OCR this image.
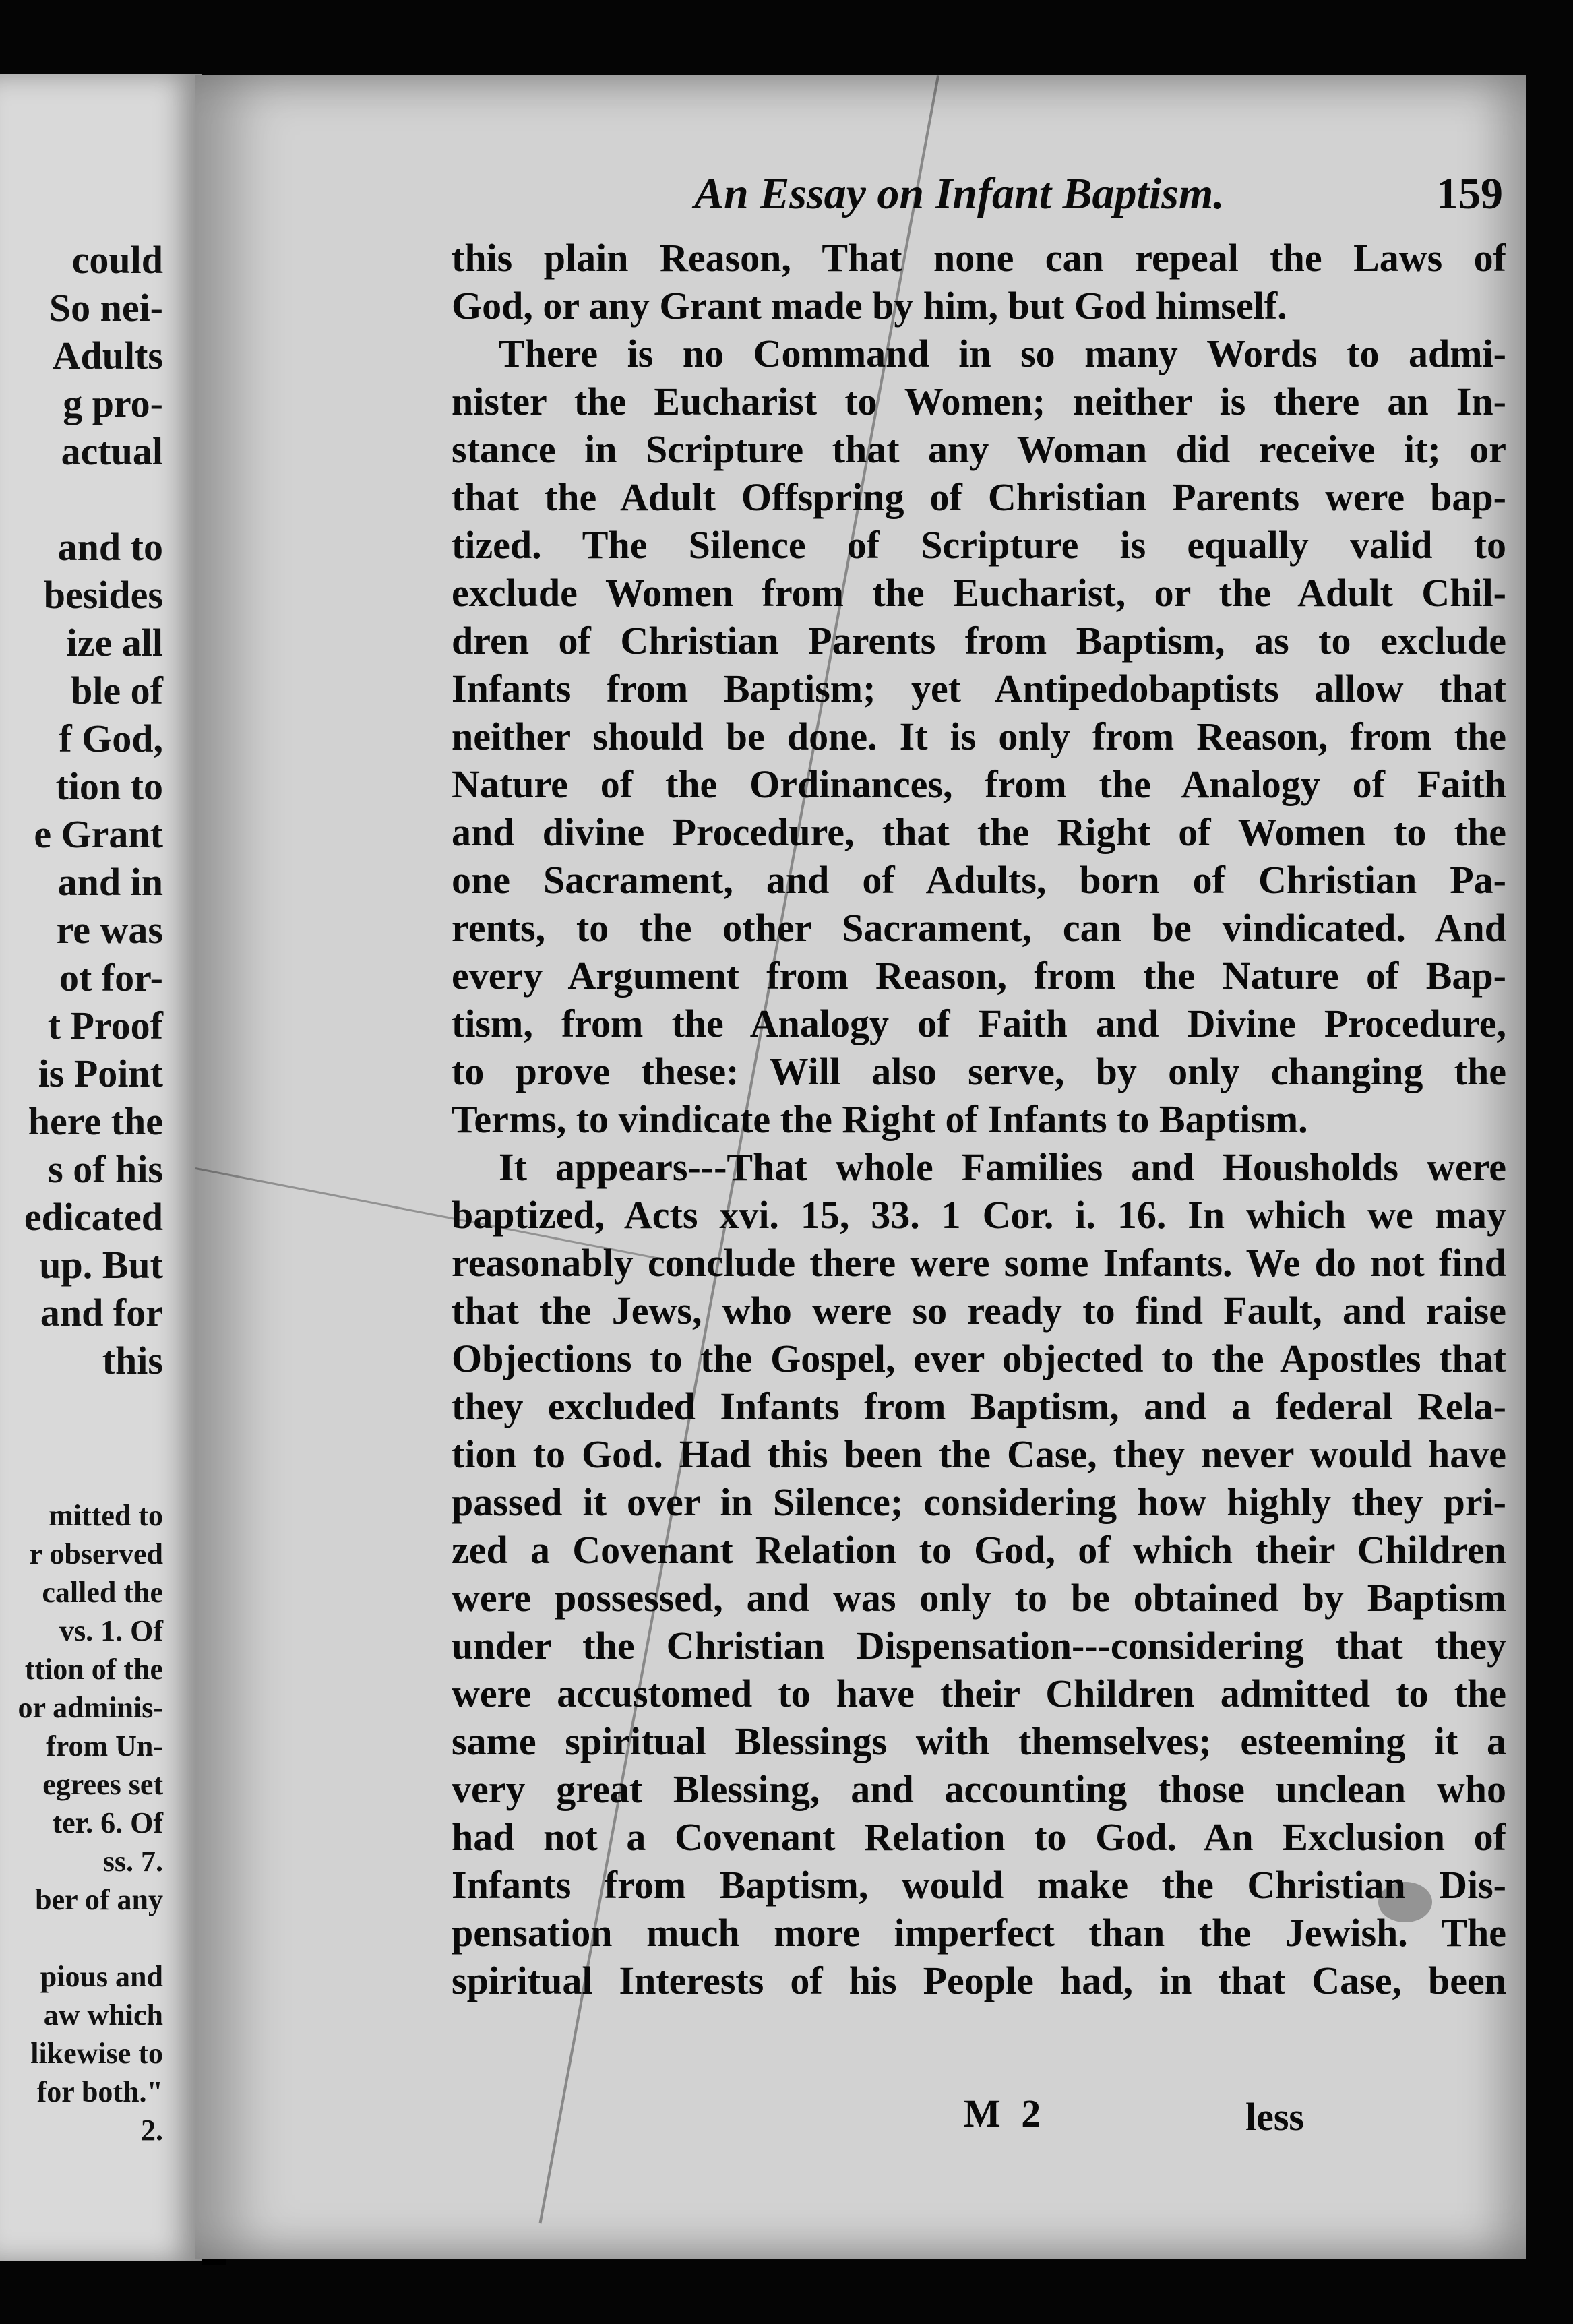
could
So nei-
Adults
g pro-
actual
and to
besides
ize all
ble of
f God,
tion to
e Grant
and in
re was
ot for-
t Proof
is Point
here the
s of his
edicated
up. But
and for
this
mitted to
r observed
called the
vs. 1. Of
ttion of the
or adminis-
from Un-
egrees set
ter. 6. Of
ss. 7.
ber of any
pious and
aw which
likewise to
for both."
2.
An Essay on Infant Baptism.	159
this plain Reason, That none can repeal the Laws of
God, or any Grant made by him, but God himself.
There is no Command in so many Words to admi-
nister the Eucharist to Women; neither is there an In-
stance in Scripture that any Woman did receive it; or
that the Adult Offspring of Christian Parents were bap-
tized. The Silence of Scripture is equally valid to
exclude Women from the Eucharist, or the Adult Chil-
dren of Christian Parents from Baptism, as to exclude
Infants from Baptism; yet Antipedobaptists allow that
neither should be done. It is only from Reason, from the
Nature of the Ordinances, from the Analogy of Faith
and divine Procedure, that the Right of Women to the
one Sacrament, and of Adults, born of Christian Pa-
rents, to the other Sacrament, can be vindicated. And
every Argument from Reason, from the Nature of Bap-
tism, from the Analogy of Faith and Divine Procedure,
to prove these: Will also serve, by only changing the
Terms, to vindicate the Right of Infants to Baptism.
It appears---That whole Families and Housholds were
baptized, Acts xvi. 15, 33. 1 Cor. i. 16. In which we may
reasonably conclude there were some Infants. We do not find
that the Jews, who were so ready to find Fault, and raise
Objections to the Gospel, ever objected to the Apostles that
they excluded Infants from Baptism, and a federal Rela-
tion to God. Had this been the Case, they never would have
passed it over in Silence; considering how highly they pri-
zed a Covenant Relation to God, of which their Children
were possessed, and was only to be obtained by Baptism
under the Christian Dispensation---considering that they
were accustomed to have their Children admitted to the
same spiritual Blessings with themselves; esteeming it a
very great Blessing, and accounting those unclean who
had not a Covenant Relation to God. An Exclusion of
Infants from Baptism, would make the Christian Dis-
pensation much more imperfect than the Jewish. The
spiritual Interests of his People had, in that Case, been
M 2	less
